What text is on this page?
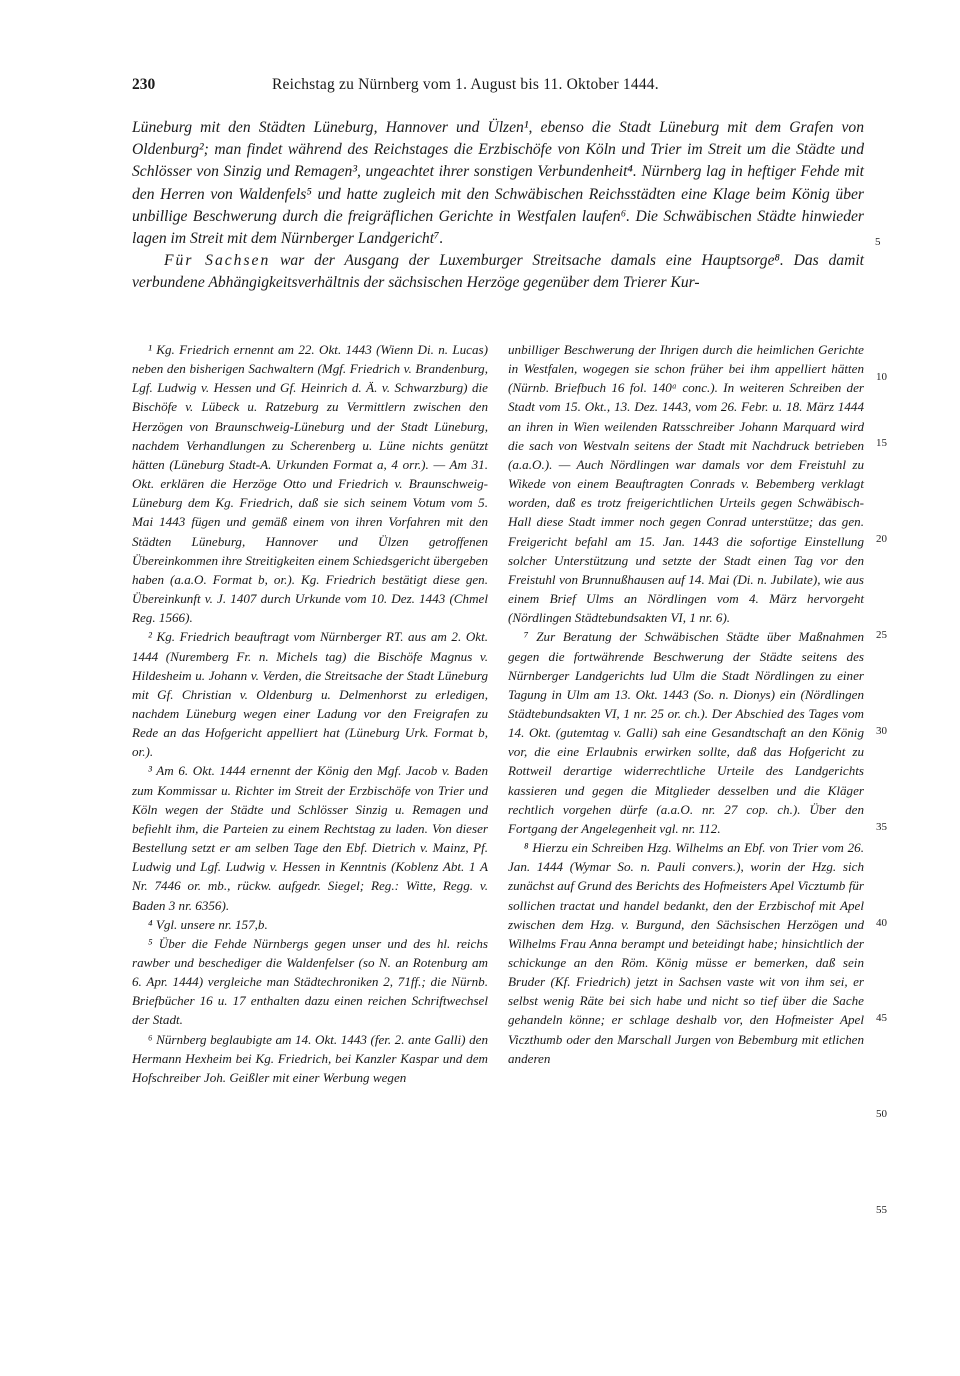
230	Reichstag zu Nürnberg vom 1. August bis 11. Oktober 1444.

Lüneburg mit den Städten Lüneburg, Hannover und Ülzen¹, ebenso die Stadt Lüneburg mit dem Grafen von Oldenburg²; man findet während des Reichstages die Erzbischöfe von Köln und Trier im Streit um die Städte und Schlösser von Sinzig und Remagen³, ungeachtet ihrer sonstigen Verbundenheit⁴. Nürnberg lag in heftiger Fehde mit den Herren von Waldenfels⁵ und hatte zugleich mit den Schwäbischen Reichsstädten eine Klage beim König über unbillige Beschwerung durch die freigräflichen Gerichte in Westfalen laufen⁶. Die Schwäbischen Städte hinwieder lagen im Streit mit dem Nürnberger Landgericht⁷.

Für Sachsen war der Ausgang der Luxemburger Streitsache damals eine Hauptsorge⁸. Das damit verbundene Abhängigkeitsverhältnis der sächsischen Herzöge gegenüber dem Trierer Kur-

5

¹ Kg. Friedrich ernennt am 22. Okt. 1443 (Wienn Di. n. Lucas) neben den bisherigen Sachwaltern (Mgf. Friedrich v. Brandenburg, Lgf. Ludwig v. Hessen und Gf. Heinrich d. Ä. v. Schwarzburg) die Bischöfe v. Lübeck u. Ratzeburg zu Vermittlern zwischen den Herzögen von Braunschweig-Lüneburg und der Stadt Lüneburg, nachdem Verhandlungen zu Scherenberg u. Lüne nichts genützt hätten (Lüneburg Stadt-A. Urkunden Format a, 4 orr.). — Am 31. Okt. erklären die Herzöge Otto und Friedrich v. Braunschweig-Lüneburg dem Kg. Friedrich, daß sie sich seinem Votum vom 5. Mai 1443 fügen und gemäß einem von ihren Vorfahren mit den Städten Lüneburg, Hannover und Ülzen getroffenen Übereinkommen ihre Streitigkeiten einem Schiedsgericht übergeben haben (a.a.O. Format b, or.). Kg. Friedrich bestätigt diese gen. Übereinkunft v. J. 1407 durch Urkunde vom 10. Dez. 1443 (Chmel Reg. 1566).

² Kg. Friedrich beauftragt vom Nürnberger RT. aus am 2. Okt. 1444 (Nuremberg Fr. n. Michels tag) die Bischöfe Magnus v. Hildesheim u. Johann v. Verden, die Streitsache der Stadt Lüneburg mit Gf. Christian v. Oldenburg u. Delmenhorst zu erledigen, nachdem Lüneburg wegen einer Ladung vor den Freigrafen zu Rede an das Hofgericht appelliert hat (Lüneburg Urk. Format b, or.).

³ Am 6. Okt. 1444 ernennt der König den Mgf. Jacob v. Baden zum Kommissar u. Richter im Streit der Erzbischöfe von Trier und Köln wegen der Städte und Schlösser Sinzig u. Remagen und befiehlt ihm, die Parteien zu einem Rechtstag zu laden. Von dieser Bestellung setzt er am selben Tage den Ebf. Dietrich v. Mainz, Pf. Ludwig und Lgf. Ludwig v. Hessen in Kenntnis (Koblenz Abt. 1 A Nr. 7446 or. mb., rückw. aufgedr. Siegel; Reg.: Witte, Regg. v. Baden 3 nr. 6356).

⁴ Vgl. unsere nr. 157,b.

⁵ Über die Fehde Nürnbergs gegen unser und des hl. reichs rawber und beschediger die Waldenfelser (so N. an Rotenburg am 6. Apr. 1444) vergleiche man Städtechroniken 2, 71ff.; die Nürnb. Briefbücher 16 u. 17 enthalten dazu einen reichen Schriftwechsel der Stadt.

⁶ Nürnberg beglaubigte am 14. Okt. 1443 (fer. 2. ante Galli) den Hermann Hexheim bei Kg. Friedrich, bei Kanzler Kaspar und dem Hofschreiber Joh. Geißler mit einer Werbung wegen

unbilliger Beschwerung der Ihrigen durch die heimlichen Gerichte in Westfalen, wogegen sie schon früher bei ihm appelliert hätten (Nürnb. Briefbuch 16 fol. 140ᵃ conc.). In weiteren Schreiben der Stadt vom 15. Okt., 13. Dez. 1443, vom 26. Febr. u. 18. März 1444 an ihren in Wien weilenden Ratsschreiber Johann Marquard wird die sach von Westvaln seitens der Stadt mit Nachdruck betrieben (a.a.O.). — Auch Nördlingen war damals vor dem Freistuhl zu Wikede von einem Beauftragten Conrads v. Bebemberg verklagt worden, daß es trotz freigerichtlichen Urteils gegen Schwäbisch-Hall diese Stadt immer noch gegen Conrad unterstütze; das gen. Freigericht befahl am 15. Jan. 1443 die sofortige Einstellung solcher Unterstützung und setzte der Stadt einen Tag vor den Freistuhl von Brunnußhausen auf 14. Mai (Di. n. Jubilate), wie aus einem Brief Ulms an Nördlingen vom 4. März hervorgeht (Nördlingen Städtebundsakten VI, 1 nr. 6).

⁷ Zur Beratung der Schwäbischen Städte über Maßnahmen gegen die fortwährende Beschwerung der Städte seitens des Nürnberger Landgerichts lud Ulm die Stadt Nördlingen zu einer Tagung in Ulm am 13. Okt. 1443 (So. n. Dionys) ein (Nördlingen Städtebundsakten VI, 1 nr. 25 or. ch.). Der Abschied des Tages vom 14. Okt. (gutemtag v. Galli) sah eine Gesandtschaft an den König vor, die eine Erlaubnis erwirken sollte, daß das Hofgericht zu Rottweil derartige widerrechtliche Urteile des Landgerichts kassieren und gegen die Mitglieder desselben und die Kläger rechtlich vorgehen dürfe (a.a.O. nr. 27 cop. ch.). Über den Fortgang der Angelegenheit vgl. nr. 112.

⁸ Hierzu ein Schreiben Hzg. Wilhelms an Ebf. von Trier vom 26. Jan. 1444 (Wymar So. n. Pauli convers.), worin der Hzg. sich zunächst auf Grund des Berichts des Hofmeisters Apel Vicztumb für sollichen tractat und handel bedankt, den der Erzbischof mit Apel zwischen dem Hzg. v. Burgund, den Sächsischen Herzögen und Wilhelms Frau Anna berampt und beteidingt habe; hinsichtlich der schickunge an den Röm. König müsse er bemerken, daß sein Bruder (Kf. Friedrich) jetzt in Sachsen vaste wit von ihm sei, er selbst wenig Räte bei sich habe und nicht so tief über die Sache gehandeln könne; er schlage deshalb vor, den Hofmeister Apel Viczthumb oder den Marschall Jurgen von Bebemburg mit etlichen anderen

10
15
20
25
30
35
40
45
50
55
